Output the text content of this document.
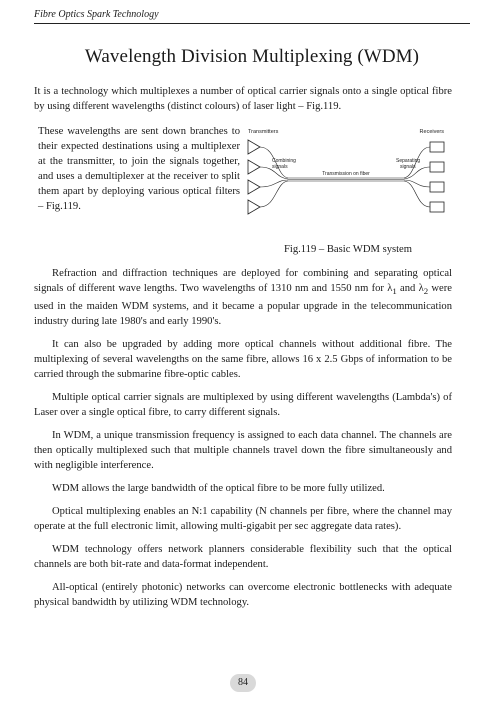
Fibre Optics Spark Technology
Wavelength Division Multiplexing (WDM)

It is a technology which multiplexes a number of optical carrier signals onto a single optical fibre by using different wavelengths (distinct colours) of laser light – Fig.119.

These wavelengths are sent down branches to their expected destinations using a multiplexer at the transmitter, to join the signals together, and uses a demultiplexer at the receiver to split them apart by deploying various optical filters – Fig.119.

Transmitters	Receivers
Combining
signals
Separating
signals
Transmission on fiber
Fig.119 – Basic WDM system

Refraction and diffraction techniques are deployed for combining and separating optical signals of different wave lengths. Two wavelengths of 1310 nm and 1550 nm for $\lambda_1$ and $\lambda_2$ were used in the maiden WDM systems, and it became a popular upgrade in the telecommunication industry during late 1980's and early 1990's.

It can also be upgraded by adding more optical channels without additional fibre. The multiplexing of several wavelengths on the same fibre, allows 16 x 2.5 Gbps of information to be carried through the submarine fibre-optic cables.

Multiple optical carrier signals are multiplexed by using different wavelengths (Lambda's) of Laser over a single optical fibre, to carry different signals.

In WDM, a unique transmission frequency is assigned to each data channel. The channels are then optically multiplexed such that multiple channels travel down the fibre simultaneously and with negligible interference.

WDM allows the large bandwidth of the optical fibre to be more fully utilized.

Optical multiplexing enables an N:1 capability (N channels per fibre, where the channel may operate at the full electronic limit, allowing multi-gigabit per sec aggregate data rates).

WDM technology offers network planners considerable flexibility such that the optical channels are both bit-rate and data-format independent.

All-optical (entirely photonic) networks can overcome electronic bottlenecks with adequate physical bandwidth by utilizing WDM technology.

84
